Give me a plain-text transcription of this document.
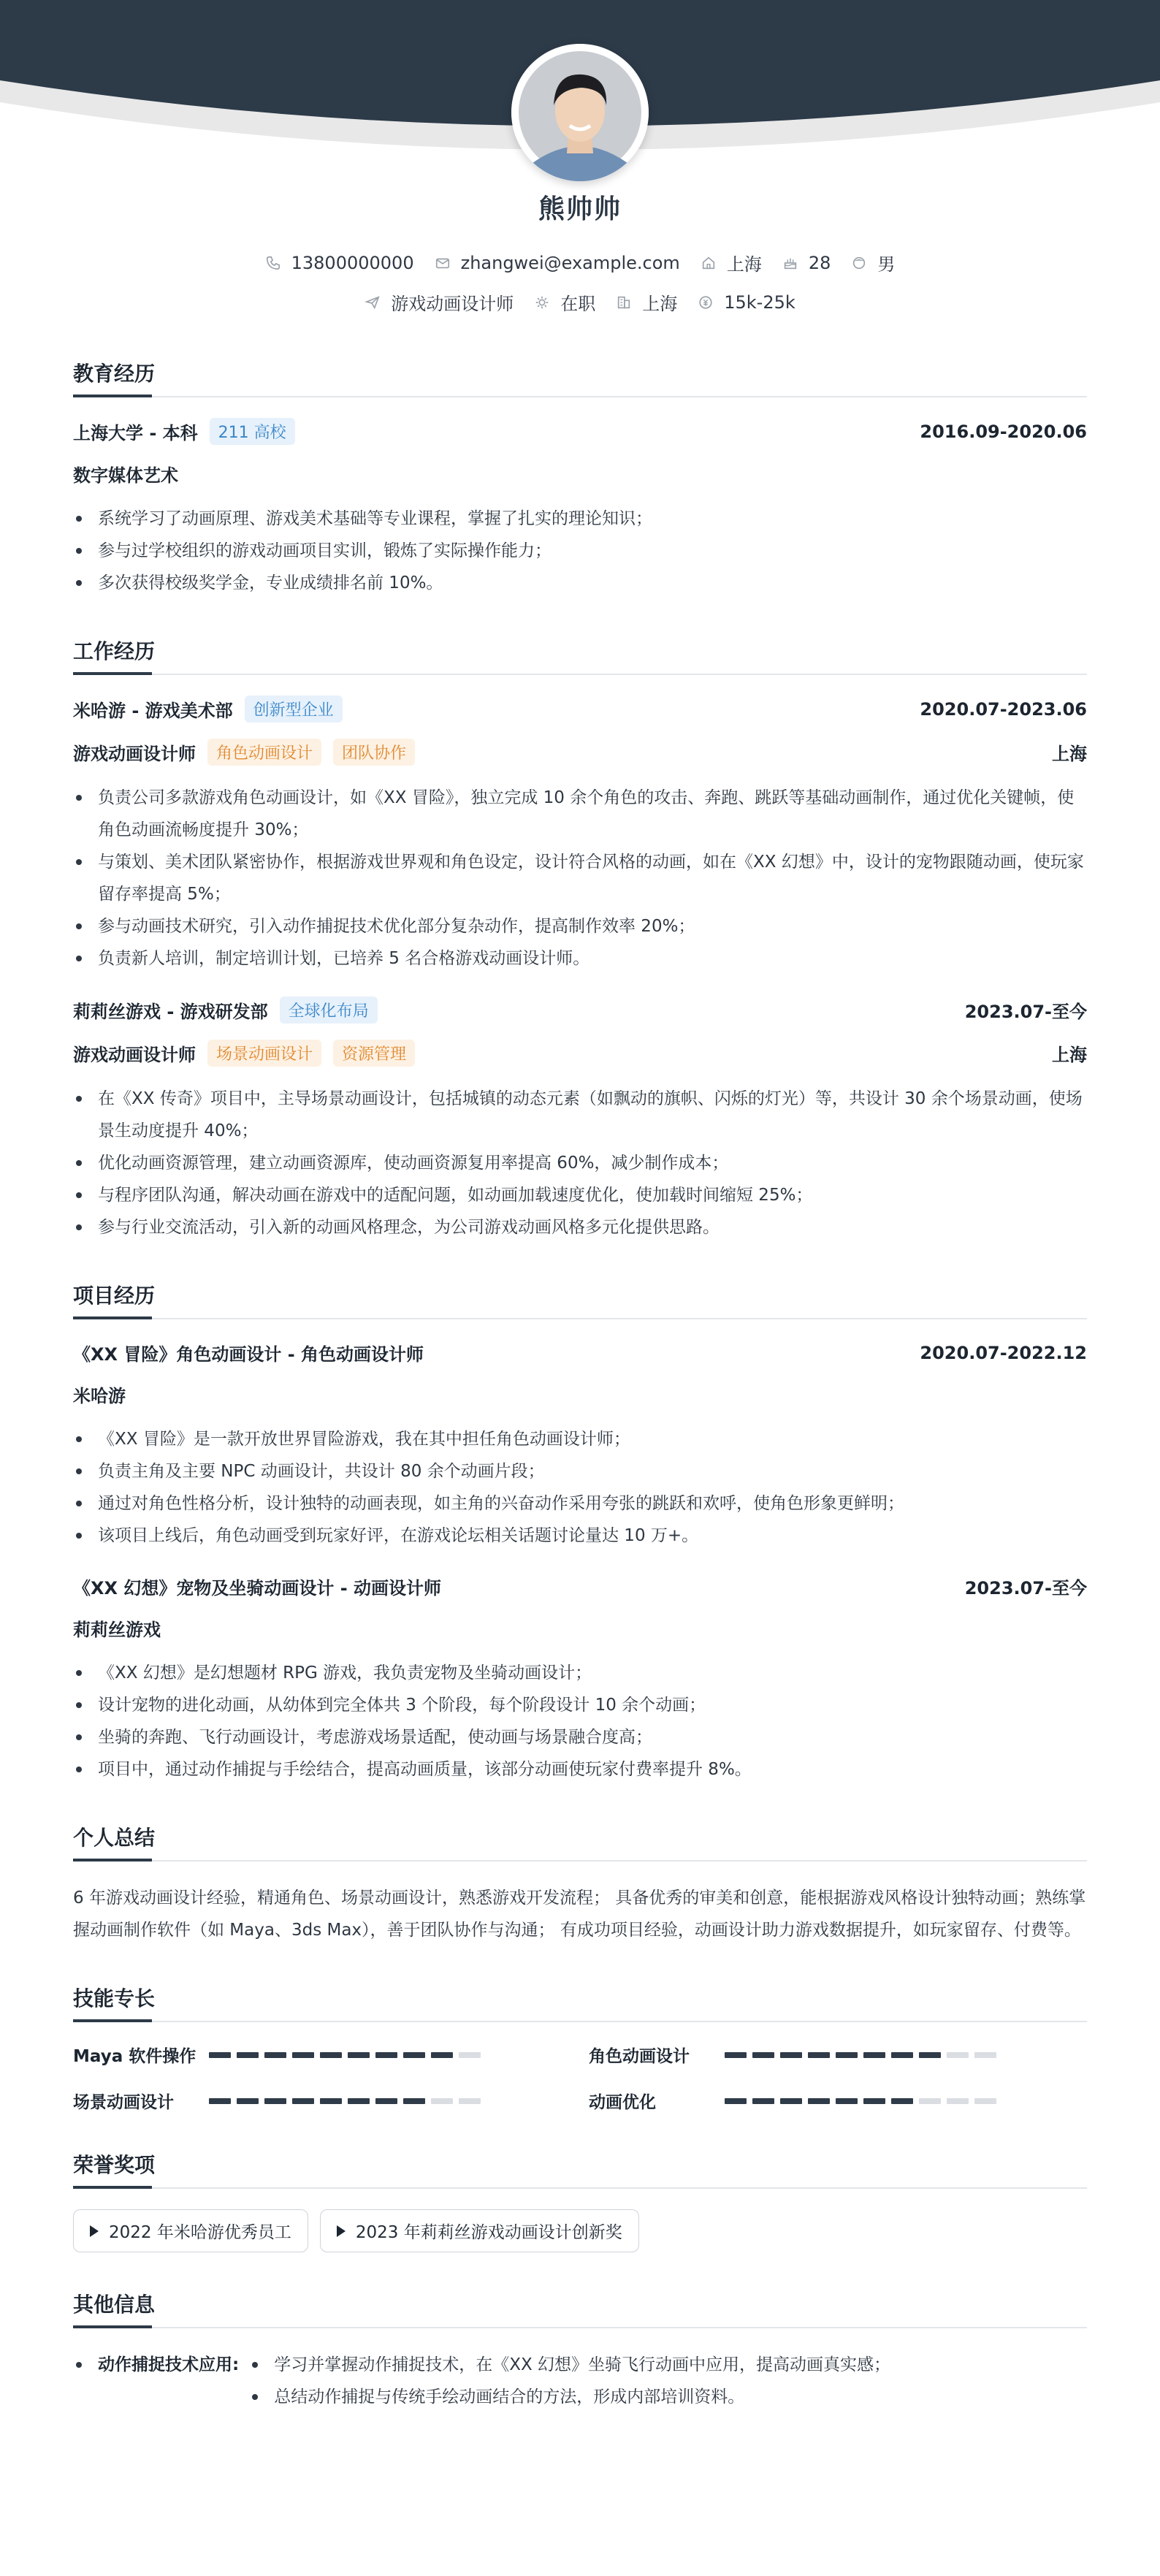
熊帅帅
13800000000	zhangwei@example.com	上海	28	男
游戏动画设计师	在职	上海	15k-25k
教育经历
上海大学 - 本科	211 高校	2016.09-2020.06
数字媒体艺术
系统学习了动画原理、游戏美术基础等专业课程，掌握了扎实的理论知识；
参与过学校组织的游戏动画项目实训，锻炼了实际操作能力；
多次获得校级奖学金，专业成绩排名前 10%。
工作经历
米哈游 - 游戏美术部	创新型企业	2020.07-2023.06
游戏动画设计师	角色动画设计	团队协作	上海
负责公司多款游戏角色动画设计，如《XX 冒险》，独立完成 10 余个角色的攻击、奔跑、跳跃等基础动画制作，通过优化关键帧，使角色动画流畅度提升 30%；
与策划、美术团队紧密协作，根据游戏世界观和角色设定，设计符合风格的动画，如在《XX 幻想》中，设计的宠物跟随动画，使玩家留存率提高 5%；
参与动画技术研究，引入动作捕捉技术优化部分复杂动作，提高制作效率 20%；
负责新人培训，制定培训计划，已培养 5 名合格游戏动画设计师。
莉莉丝游戏 - 游戏研发部	全球化布局	2023.07-至今
游戏动画设计师	场景动画设计	资源管理	上海
在《XX 传奇》项目中，主导场景动画设计，包括城镇的动态元素（如飘动的旗帜、闪烁的灯光）等，共设计 30 余个场景动画，使场景生动度提升 40%；
优化动画资源管理，建立动画资源库，使动画资源复用率提高 60%，减少制作成本；
与程序团队沟通，解决动画在游戏中的适配问题，如动画加载速度优化，使加载时间缩短 25%；
参与行业交流活动，引入新的动画风格理念，为公司游戏动画风格多元化提供思路。
项目经历
《XX 冒险》角色动画设计 - 角色动画设计师	2020.07-2022.12
米哈游
《XX 冒险》是一款开放世界冒险游戏，我在其中担任角色动画设计师；
负责主角及主要 NPC 动画设计，共设计 80 余个动画片段；
通过对角色性格分析，设计独特的动画表现，如主角的兴奋动作采用夸张的跳跃和欢呼，使角色形象更鲜明；
该项目上线后，角色动画受到玩家好评，在游戏论坛相关话题讨论量达 10 万+。
《XX 幻想》宠物及坐骑动画设计 - 动画设计师	2023.07-至今
莉莉丝游戏
《XX 幻想》是幻想题材 RPG 游戏，我负责宠物及坐骑动画设计；
设计宠物的进化动画，从幼体到完全体共 3 个阶段，每个阶段设计 10 余个动画；
坐骑的奔跑、飞行动画设计，考虑游戏场景适配，使动画与场景融合度高；
项目中，通过动作捕捉与手绘结合，提高动画质量，该部分动画使玩家付费率提升 8%。
个人总结
6 年游戏动画设计经验，精通角色、场景动画设计，熟悉游戏开发流程； 具备优秀的审美和创意，能根据游戏风格设计独特动画；熟练掌握动画制作软件（如 Maya、3ds Max），善于团队协作与沟通； 有成功项目经验，动画设计助力游戏数据提升，如玩家留存、付费等。
技能专长
Maya 软件操作	角色动画设计
场景动画设计	动画优化
荣誉奖项
2022 年米哈游优秀员工	2023 年莉莉丝游戏动画设计创新奖
其他信息
动作捕捉技术应用:	学习并掌握动作捕捉技术，在《XX 幻想》坐骑飞行动画中应用，提高动画真实感；
总结动作捕捉与传统手绘动画结合的方法，形成内部培训资料。
